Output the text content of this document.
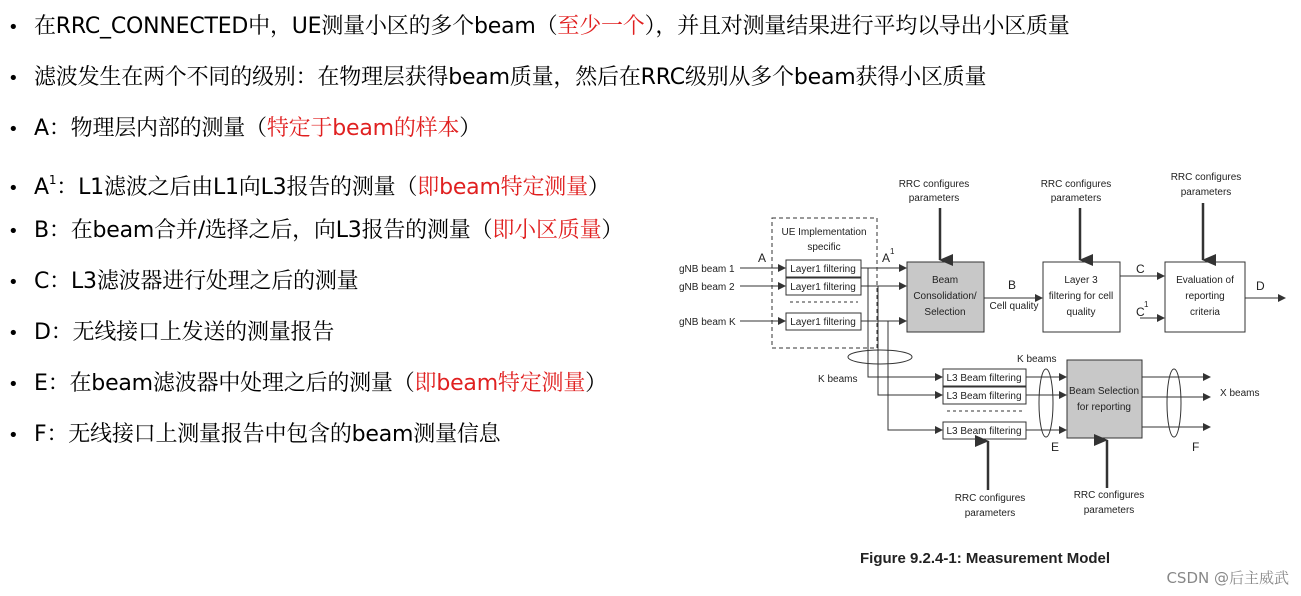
• 在RRC_CONNECTED中，UE测量小区的多个beam（至少一个），并且对测量结果进行平均以导出小区质量
• 滤波发生在两个不同的级别：在物理层获得beam质量，然后在RRC级别从多个beam获得小区质量
• A：物理层内部的测量（特定于beam的样本）
• $A^1$：L1滤波之后由L1向L3报告的测量（即beam特定测量）
• B：在beam合并/选择之后，向L3报告的测量（即小区质量）
• C：L3滤波器进行处理之后的测量
• D：无线接口上发送的测量报告
• E：在beam滤波器中处理之后的测量（即beam特定测量）
• F：无线接口上测量报告中包含的beam测量信息
RRC configures
parameters
RRC configures
parameters
RRC configures
parameters
UE Implementation
specific
gNB beam 1
gNB beam 2
gNB beam K
Layer1 filtering
Layer1 filtering
Layer1 filtering
A	A 1
B
C
C
1
D
E	F
Beam
Consolidation/
Selection
Cell quality
Layer 3
filtering for cell
quality
Evaluation of
reporting
criteria
K beams
K beams
X beams
L3 Beam filtering
L3 Beam filtering
L3 Beam filtering
Beam Selection
for reporting
RRC configures
parameters
RRC configures
parameters
Figure 9.2.4-1: Measurement Model
CSDN @后主威武
